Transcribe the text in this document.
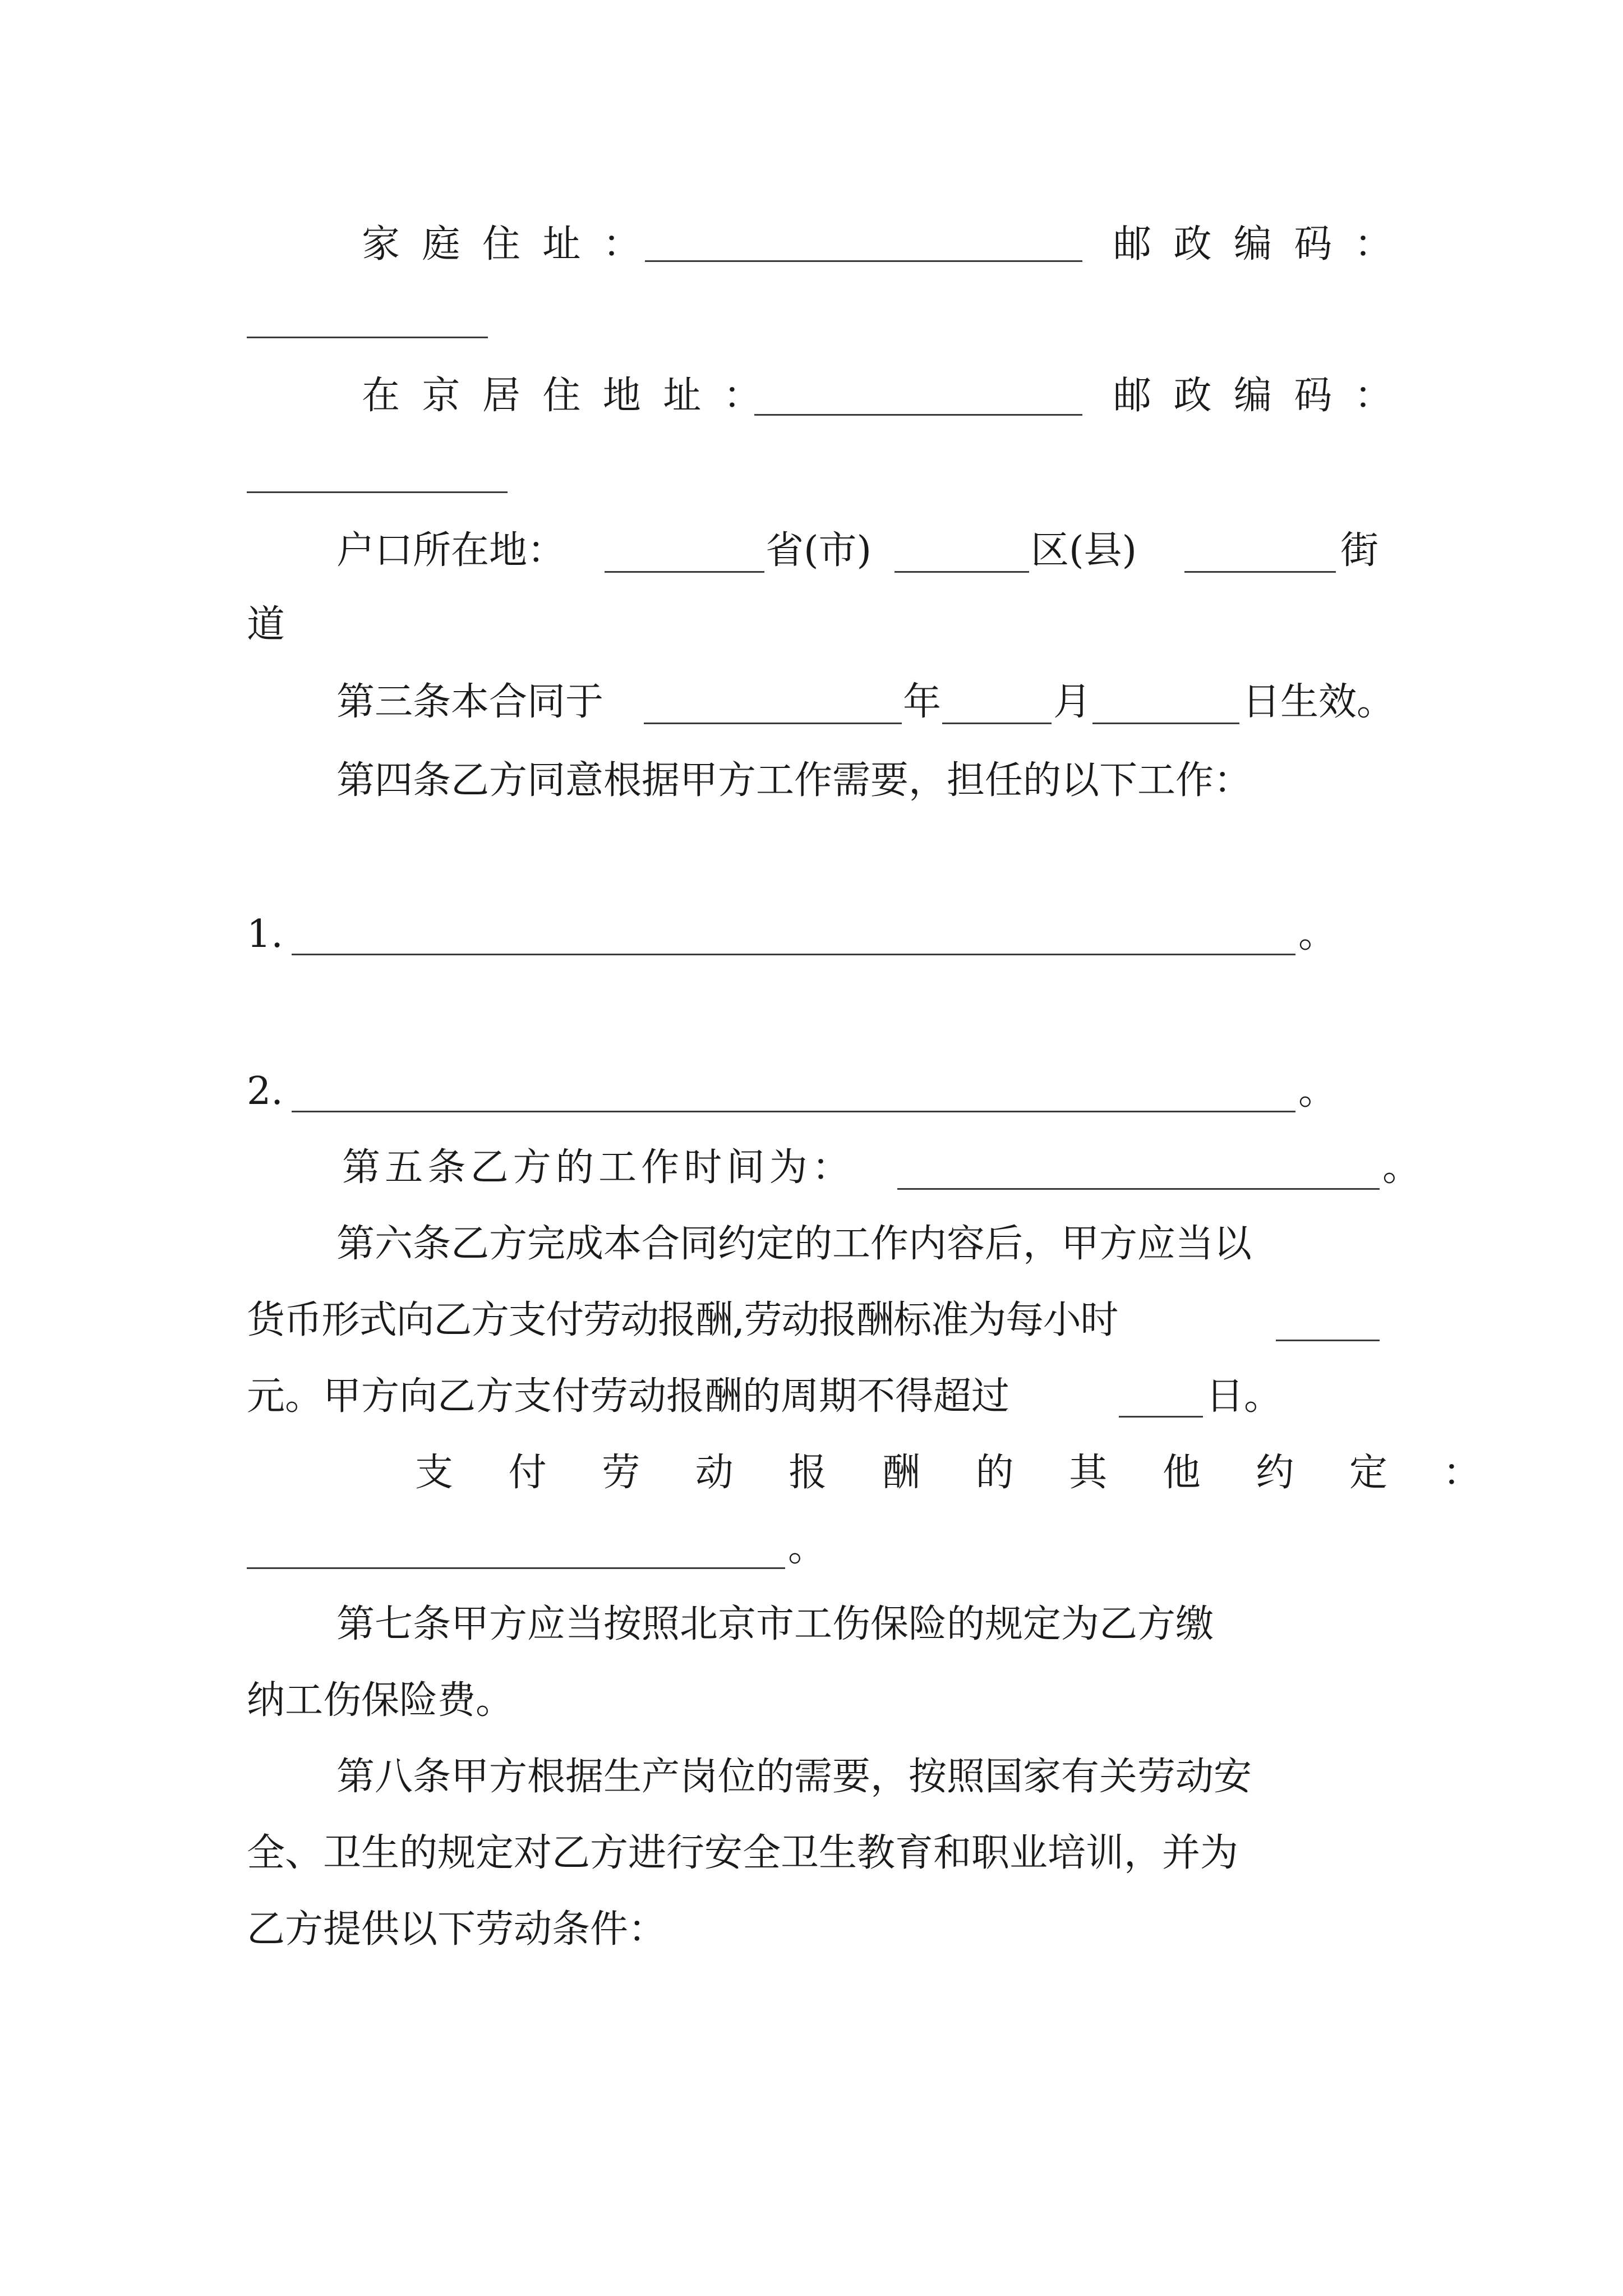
家庭住址：	邮政编码：
在京居住地址：	邮政编码：
户口所在地：	省(市)	区(县)	街
道
第三条本合同于	年	月	日生效。
第四条乙方同意根据甲方工作需要，担任的以下工作：
1.	。
2.	。
第五条乙方的工作时间为：	。
第六条乙方完成本合同约定的工作内容后，甲方应当以
货币形式向乙方支付劳动报酬,劳动报酬标准为每小时
元。甲方向乙方支付劳动报酬的周期不得超过	日。
支付劳动报酬的其他约定：
。
第七条甲方应当按照北京市工伤保险的规定为乙方缴
纳工伤保险费。
第八条甲方根据生产岗位的需要，按照国家有关劳动安
全、卫生的规定对乙方进行安全卫生教育和职业培训，并为
乙方提供以下劳动条件：
